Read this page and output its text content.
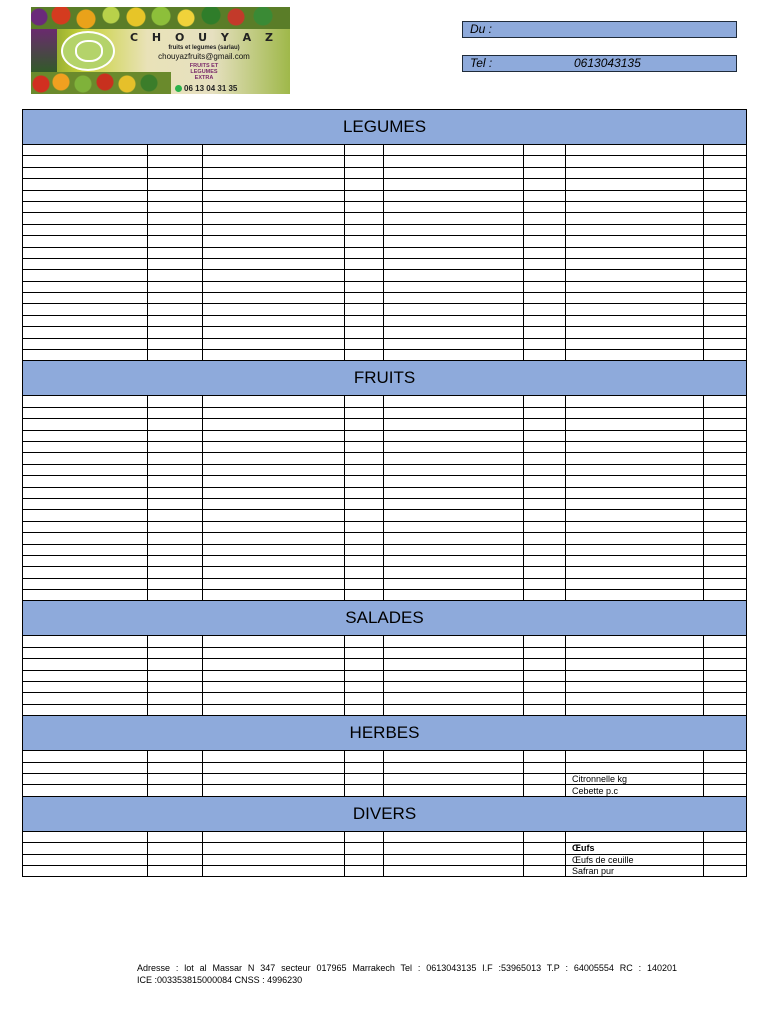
C H O U Y A Z
fruits et legumes (sarlau)
chouyazfruits@gmail.com
FRUITS ET
LEGUMES
EXTRA
06 13 04 31 35
Du :
Tel :	0613043135
LEGUMES							

FRUITS							

SALADES							

HERBES							

						Citronnelle kg	
						Cebette p.c	
DIVERS							

						Œufs	
						Œufs de ceuille	
						Safran pur	
Adresse : lot al Massar N 347 secteur 017965 Marrakech Tel : 0613043135 I.F :53965013 T.P : 64005554 RC : 140201
ICE :003353815000084 CNSS : 4996230
